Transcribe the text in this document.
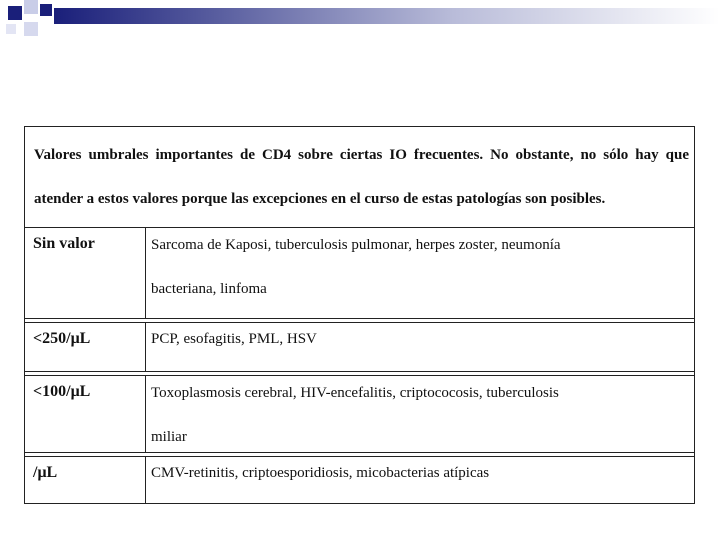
Valores umbrales importantes de CD4 sobre ciertas IO frecuentes. No obstante, no sólo hay que atender a estos valores porque las excepciones en el curso de estas patologías son posibles.
Sin valor	Sarcoma de Kaposi, tuberculosis pulmonar, herpes zoster, neumonía
bacteriana, linfoma
<250/μL	PCP, esofagitis, PML, HSV
<100/μL	Toxoplasmosis cerebral, HIV-encefalitis, criptococosis, tuberculosis
miliar
/μL	CMV-retinitis, criptoesporidiosis, micobacterias atípicas
